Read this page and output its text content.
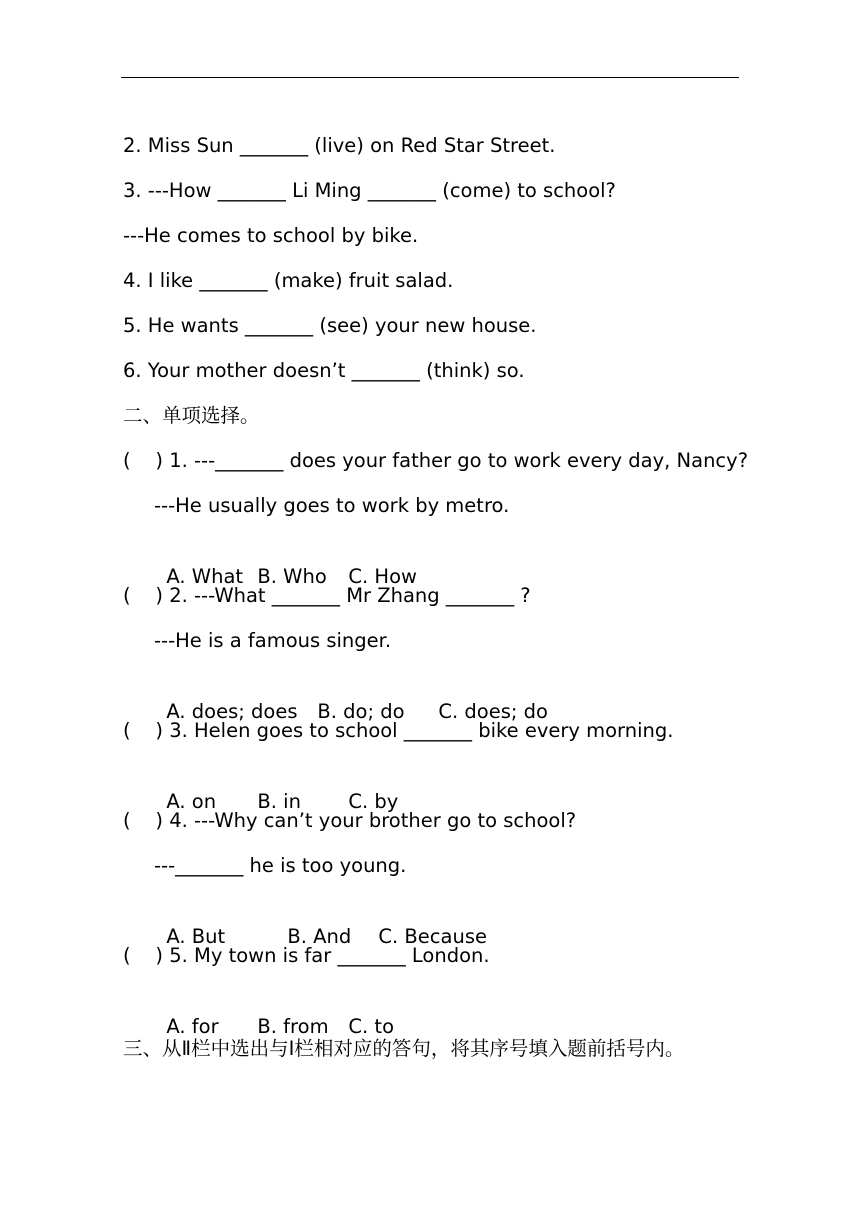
2. Miss Sun _______ (live) on Red Star Street.
3. ---How _______ Li Ming _______ (come) to school?
---He comes to school by bike.
4. I like _______ (make) fruit salad.
5. He wants _______ (see) your new house.
6. Your mother doesn’t _______ (think) so.
二、单项选择。
(    ) 1. ---_______ does your father go to work every day, Nancy?
---He usually goes to work by metro.

A. What B. Who C. How

(    ) 2. ---What _______ Mr Zhang _______ ?
---He is a famous singer.

A. does; does B. do; do C. does; do

(    ) 3. Helen goes to school _______ bike every morning.

A. on B. in C. by

(    ) 4. ---Why can’t your brother go to school?
---_______ he is too young.

A. But	B. And C. Because

(    ) 5. My town is far _______ London.

A. for B. from C. to

三、从Ⅱ栏中选出与Ⅰ栏相对应的答句，将其序号填入题前括号内。
